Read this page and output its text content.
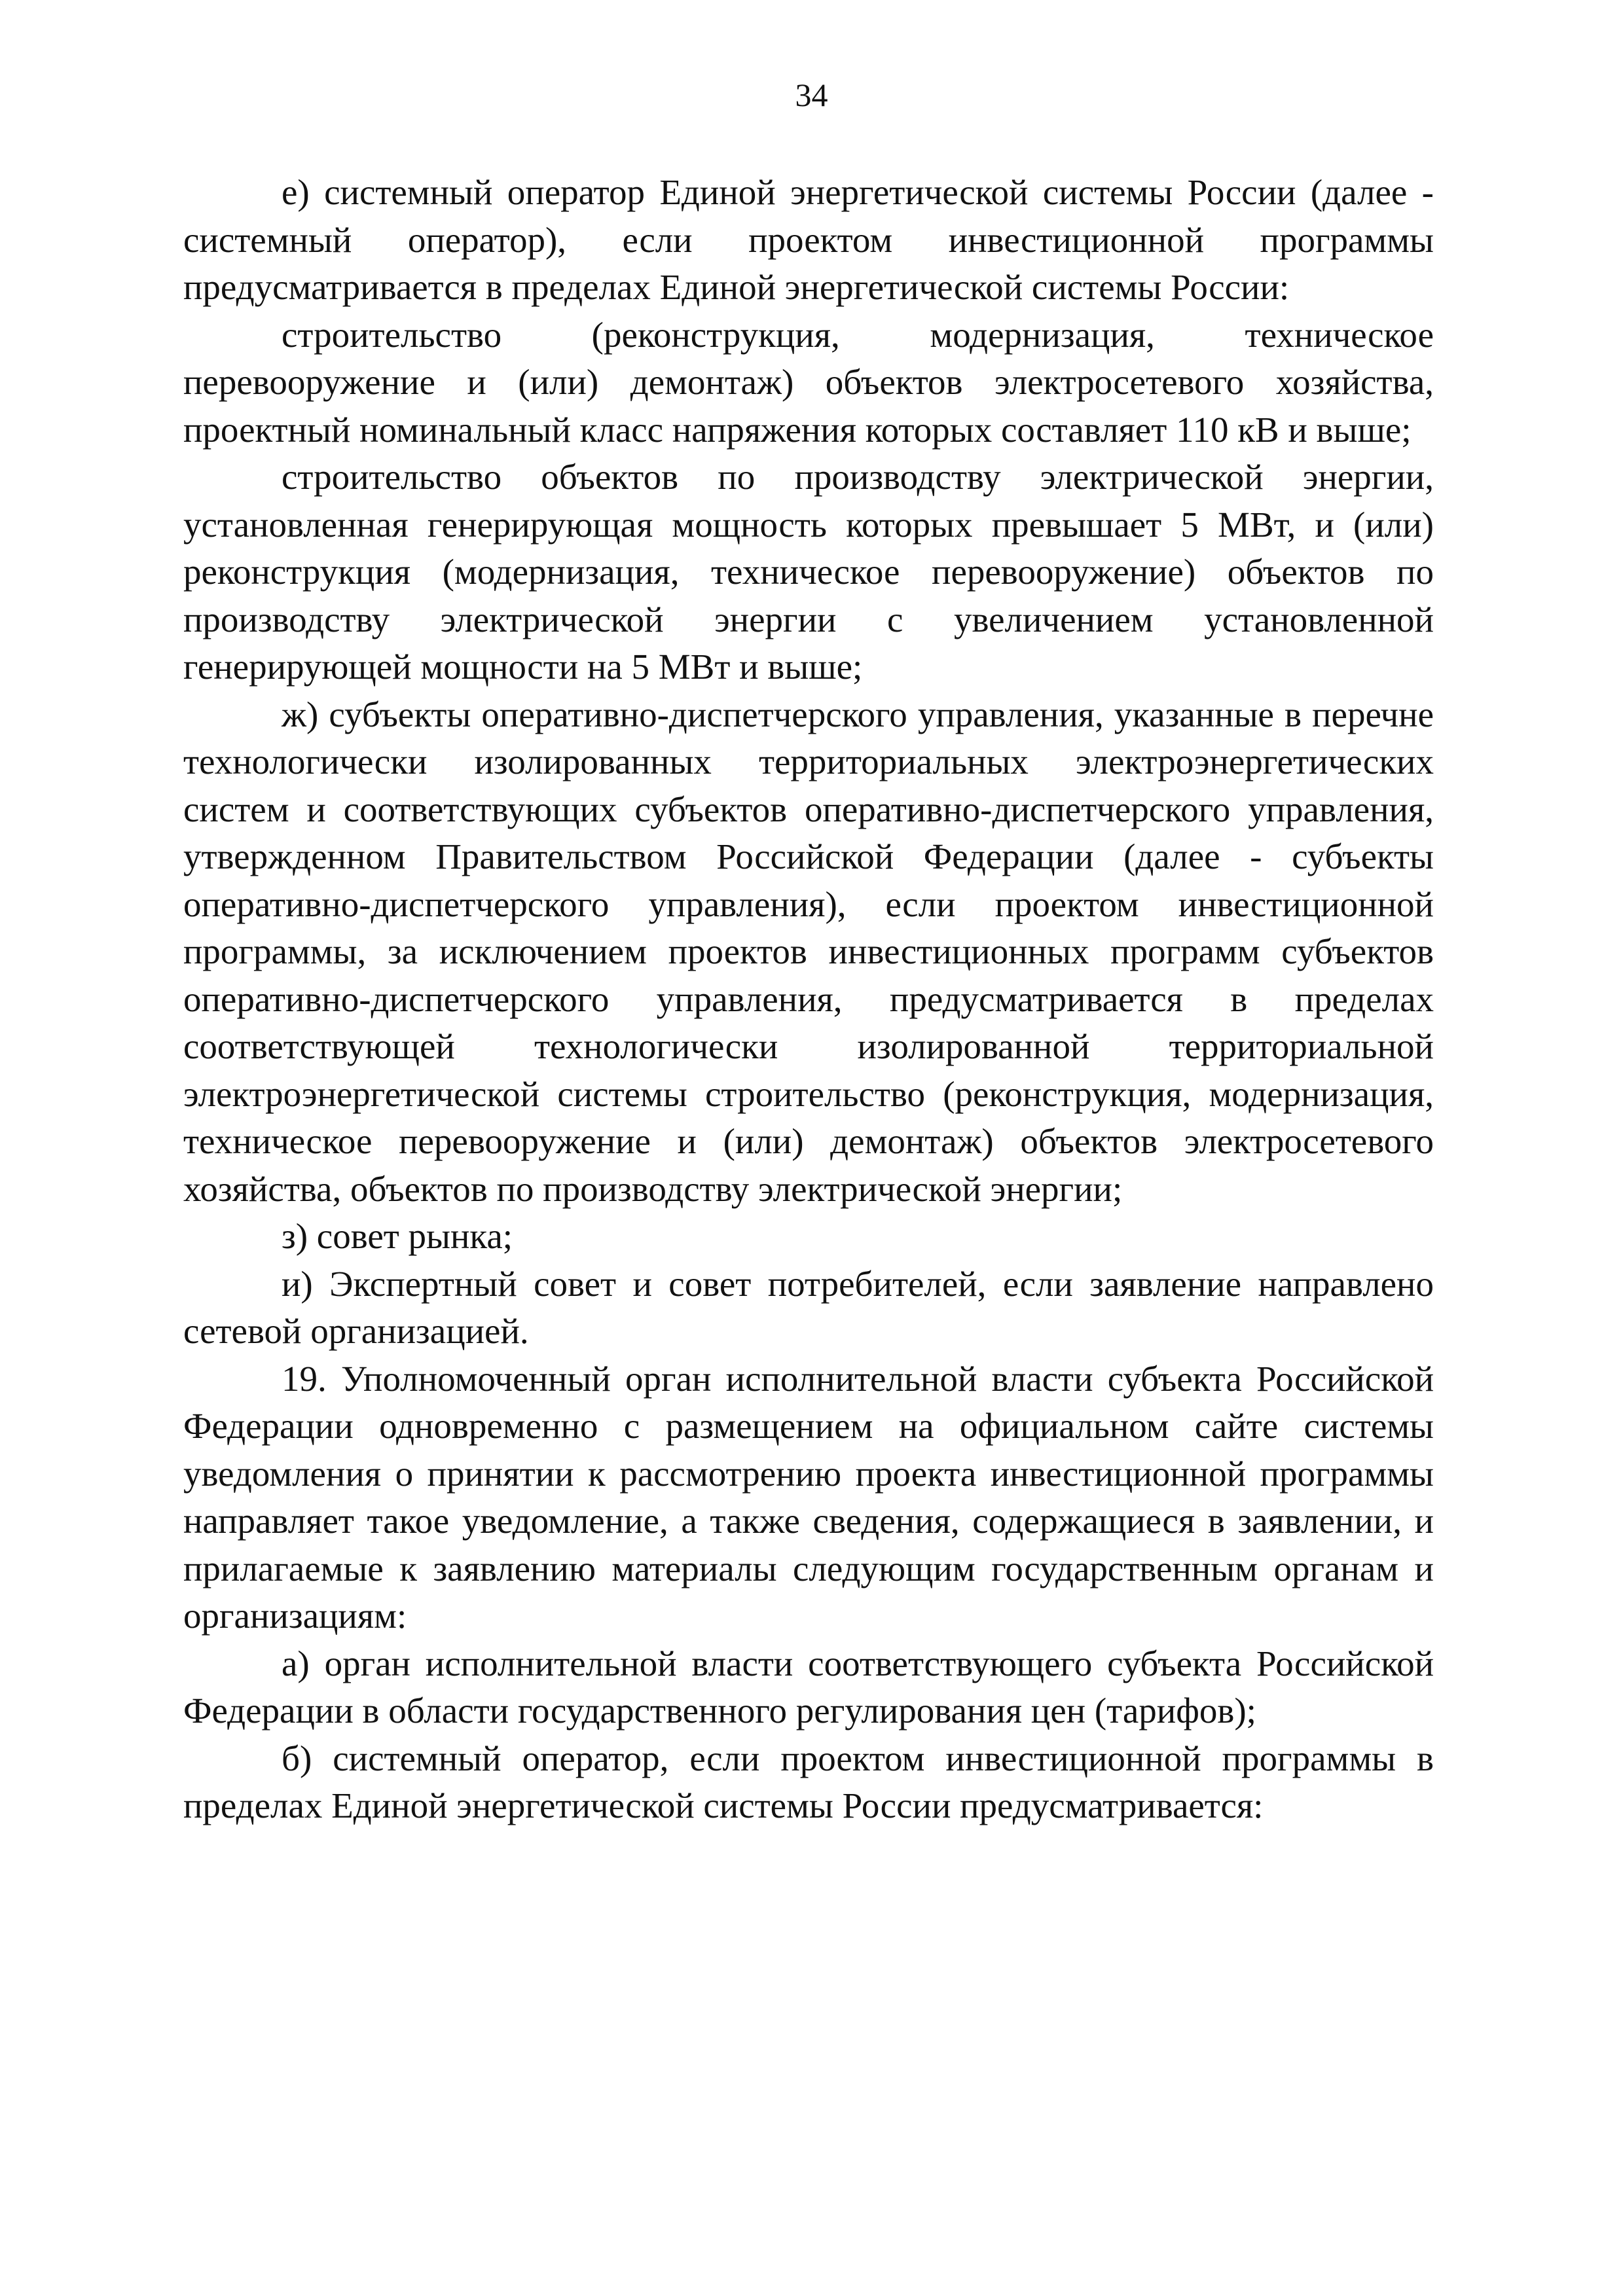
34

е) системный оператор Единой энергетической системы России (далее - системный оператор), если проектом инвестиционной программы предусматривается в пределах Единой энергетической системы России:

строительство (реконструкция, модернизация, техническое перевооружение и (или) демонтаж) объектов электросетевого хозяйства, проектный номинальный класс напряжения которых составляет 110 кВ и выше;

строительство объектов по производству электрической энергии, установленная генерирующая мощность которых превышает 5 МВт, и (или) реконструкция (модернизация, техническое перевооружение) объектов по производству электрической энергии с увеличением установленной генерирующей мощности на 5 МВт и выше;

ж) субъекты оперативно-диспетчерского управления, указанные в перечне технологически изолированных территориальных электроэнергетических систем и соответствующих субъектов оперативно-диспетчерского управления, утвержденном Правительством Российской Федерации (далее - субъекты оперативно-диспетчерского управления), если проектом инвестиционной программы, за исключением проектов инвестиционных программ субъектов оперативно-диспетчерского управления, предусматривается в пределах соответствующей технологически изолированной территориальной электроэнергетической системы строительство (реконструкция, модернизация, техническое перевооружение и (или) демонтаж) объектов электросетевого хозяйства, объектов по производству электрической энергии;

з) совет рынка;

и) Экспертный совет и совет потребителей, если заявление направлено сетевой организацией.

19. Уполномоченный орган исполнительной власти субъекта Российской Федерации одновременно с размещением на официальном сайте системы уведомления о принятии к рассмотрению проекта инвестиционной программы направляет такое уведомление, а также сведения, содержащиеся в заявлении, и прилагаемые к заявлению материалы следующим государственным органам и организациям:

а) орган исполнительной власти соответствующего субъекта Российской Федерации в области государственного регулирования цен (тарифов);

б) системный оператор, если проектом инвестиционной программы в пределах Единой энергетической системы России предусматривается:
